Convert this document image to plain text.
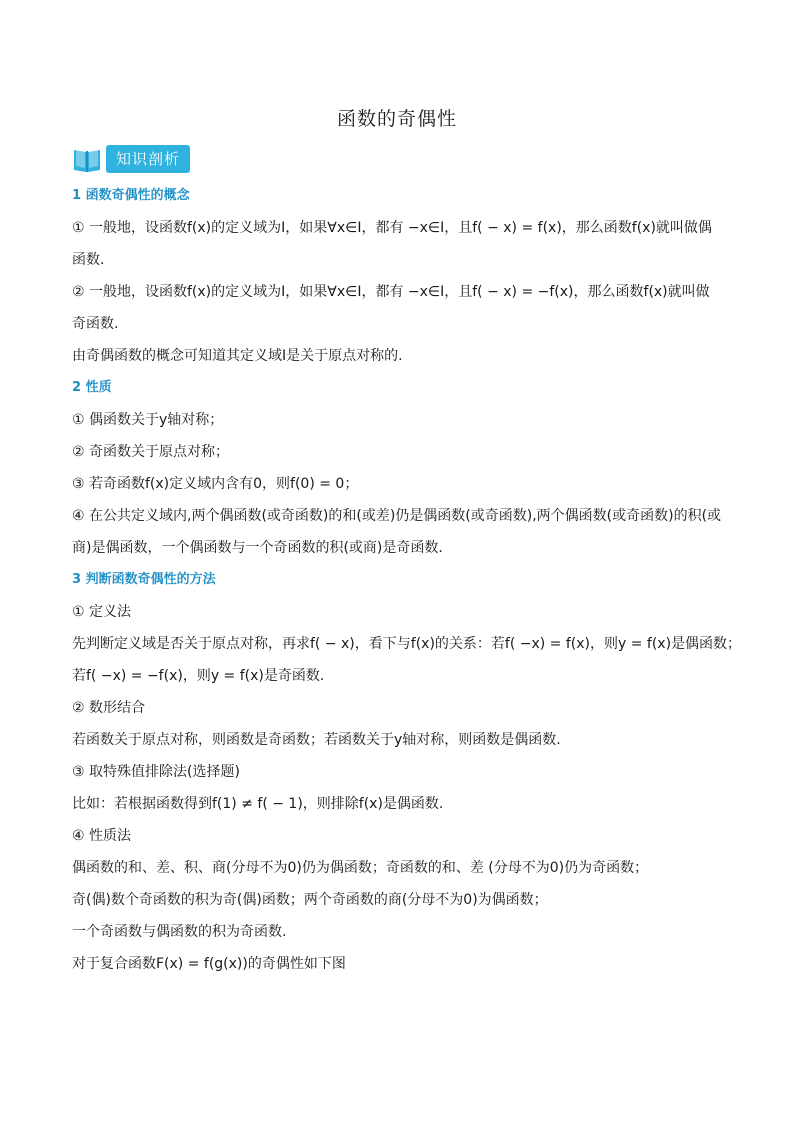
函数的奇偶性
知识剖析
1 函数奇偶性的概念
① 一般地，设函数f(x)的定义域为I，如果∀x∈I，都有 −x∈I，且f( − x) = f(x)，那么函数f(x)就叫做偶
函数.
② 一般地，设函数f(x)的定义域为I，如果∀x∈I，都有 −x∈I，且f( − x) = −f(x)，那么函数f(x)就叫做
奇函数.
由奇偶函数的概念可知道其定义域I是关于原点对称的.
2 性质
① 偶函数关于y轴对称；
② 奇函数关于原点对称；
③ 若奇函数f(x)定义域内含有0，则f(0) = 0；
④ 在公共定义域内,两个偶函数(或奇函数)的和(或差)仍是偶函数(或奇函数),两个偶函数(或奇函数)的积(或
商)是偶函数，一个偶函数与一个奇函数的积(或商)是奇函数.
3 判断函数奇偶性的方法
① 定义法
先判断定义域是否关于原点对称，再求f( − x)，看下与f(x)的关系：若f( −x) = f(x)，则y = f(x)是偶函数；
若f( −x) = −f(x)，则y = f(x)是奇函数.
② 数形结合
若函数关于原点对称，则函数是奇函数；若函数关于y轴对称，则函数是偶函数.
③ 取特殊值排除法(选择题)
比如：若根据函数得到f(1) ≠ f( − 1)，则排除f(x)是偶函数.
④ 性质法
偶函数的和、差、积、商(分母不为0)仍为偶函数；奇函数的和、差 (分母不为0)仍为奇函数；
奇(偶)数个奇函数的积为奇(偶)函数；两个奇函数的商(分母不为0)为偶函数；
一个奇函数与偶函数的积为奇函数.
对于复合函数F(x) = f(g(x))的奇偶性如下图
